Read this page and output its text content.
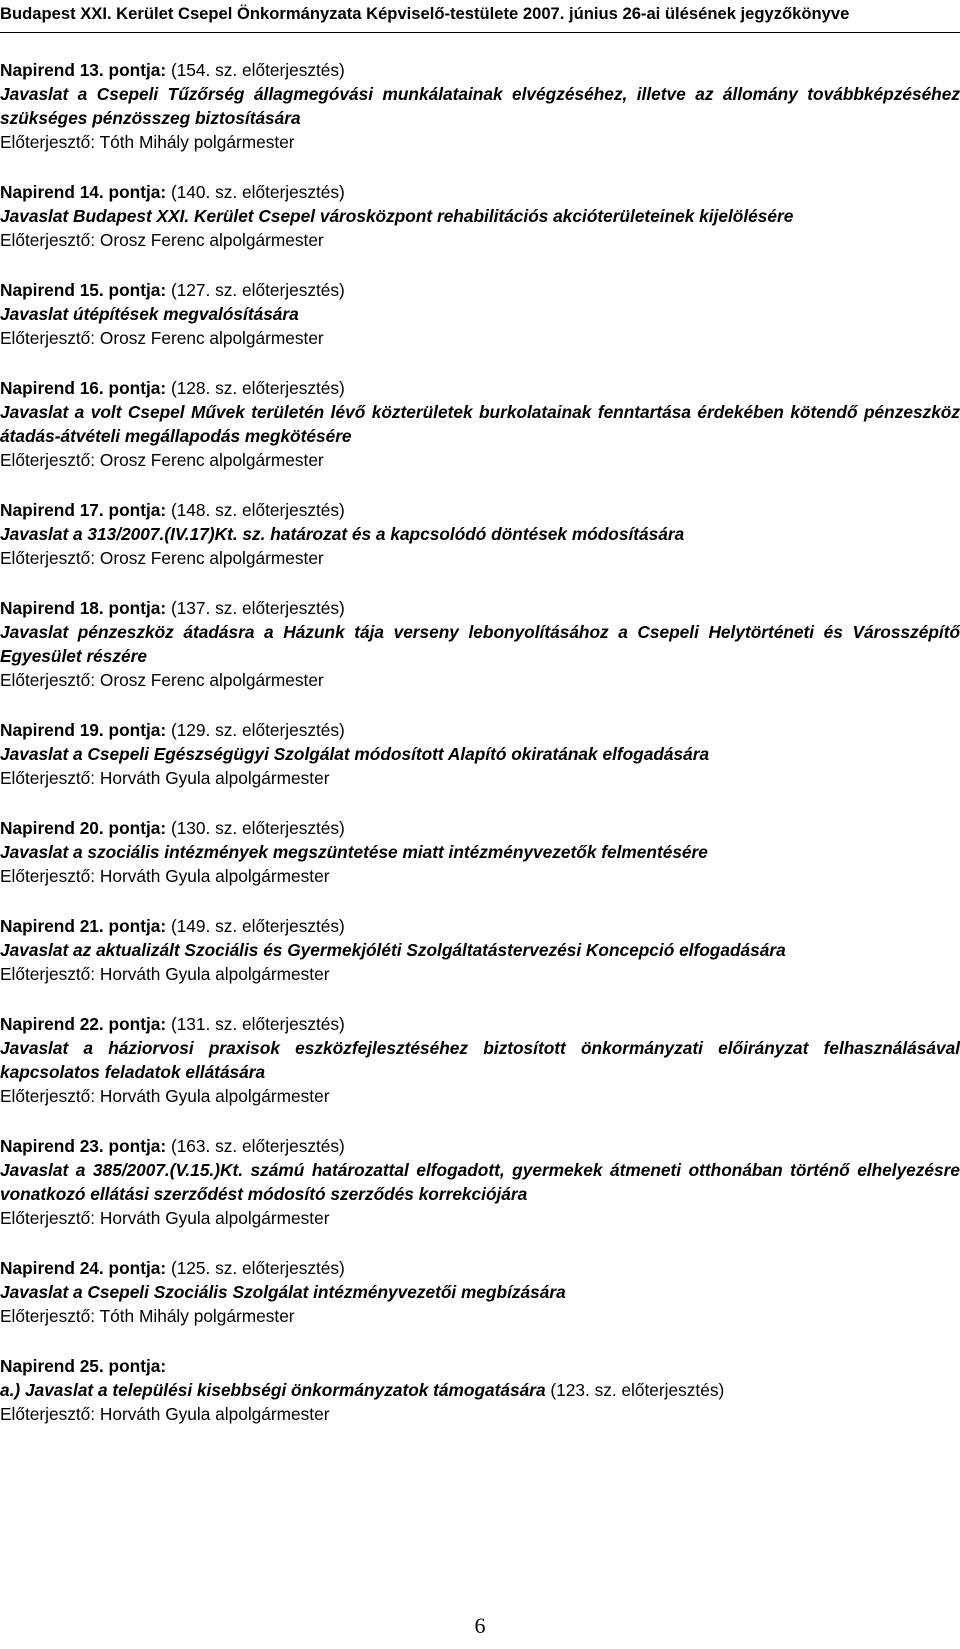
Budapest XXI. Kerület Csepel Önkormányzata Képviselő-testülete 2007. június 26-ai ülésének jegyzőkönyve
Napirend 13. pontja: (154. sz. előterjesztés)
Javaslat a Csepeli Tűzőrség állagmegóvási munkálatainak elvégzéséhez, illetve az állomány továbbképzéséhez szükséges pénzösszeg biztosítására
Előterjesztő: Tóth Mihály polgármester
Napirend 14. pontja: (140. sz. előterjesztés)
Javaslat Budapest XXI. Kerület Csepel városközpont rehabilitációs akcióterületeinek kijelölésére
Előterjesztő: Orosz Ferenc alpolgármester
Napirend 15. pontja: (127. sz. előterjesztés)
Javaslat útépítések megvalósítására
Előterjesztő: Orosz Ferenc alpolgármester
Napirend 16. pontja: (128. sz. előterjesztés)
Javaslat a volt Csepel Művek területén lévő közterületek burkolatainak fenntartása érdekében kötendő pénzeszköz átadás-átvételi megállapodás megkötésére
Előterjesztő: Orosz Ferenc alpolgármester
Napirend 17. pontja: (148. sz. előterjesztés)
Javaslat a 313/2007.(IV.17)Kt. sz. határozat és a kapcsolódó döntések módosítására
Előterjesztő: Orosz Ferenc alpolgármester
Napirend 18. pontja: (137. sz. előterjesztés)
Javaslat pénzeszköz átadásra a Házunk tája verseny lebonyolításához a Csepeli Helytörténeti és Városszépítő Egyesület részére
Előterjesztő: Orosz Ferenc alpolgármester
Napirend 19. pontja: (129. sz. előterjesztés)
Javaslat a Csepeli Egészségügyi Szolgálat módosított Alapító okiratának elfogadására
Előterjesztő: Horváth Gyula alpolgármester
Napirend 20. pontja: (130. sz. előterjesztés)
Javaslat a szociális intézmények megszüntetése miatt intézményvezetők felmentésére
Előterjesztő: Horváth Gyula alpolgármester
Napirend 21. pontja: (149. sz. előterjesztés)
Javaslat az aktualizált Szociális és Gyermekjóléti Szolgáltatástervezési Koncepció elfogadására
Előterjesztő: Horváth Gyula alpolgármester
Napirend 22. pontja: (131. sz. előterjesztés)
Javaslat a háziorvosi praxisok eszközfejlesztéséhez biztosított önkormányzati előirányzat felhasználásával kapcsolatos feladatok ellátására
Előterjesztő: Horváth Gyula alpolgármester
Napirend 23. pontja: (163. sz. előterjesztés)
Javaslat a 385/2007.(V.15.)Kt. számú határozattal elfogadott, gyermekek átmeneti otthonában történő elhelyezésre vonatkozó ellátási szerződést módosító szerződés korrekciójára
Előterjesztő: Horváth Gyula alpolgármester
Napirend 24. pontja: (125. sz. előterjesztés)
Javaslat a Csepeli Szociális Szolgálat intézményvezetői megbízására
Előterjesztő: Tóth Mihály polgármester
Napirend 25. pontja:
a.) Javaslat a települési kisebbségi önkormányzatok támogatására (123. sz. előterjesztés)
Előterjesztő: Horváth Gyula alpolgármester
6
